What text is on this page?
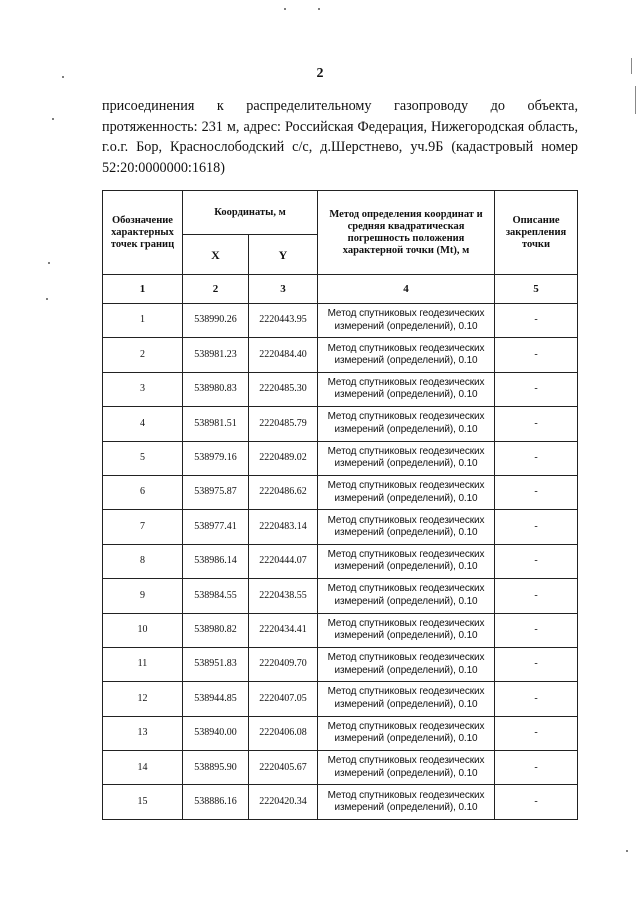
2
присоединения к распределительному газопроводу до объекта, протяженность: 231 м, адрес: Российская Федерация, Нижегородская область, г.о.г. Бор, Краснослободский с/с, д.Шерстнево, уч.9Б (кадастровый номер 52:20:0000000:1618)
Обозначение характерных точек границ	Координаты, м		Метод определения координат и средняя квадратическая погрешность положения характерной точки (Mt), м	Описание закрепления точки
	X	Y		
1	2	3	4	5
1	538990.26	2220443.95	Метод спутниковых геодезических измерений (определений), 0.10	-
2	538981.23	2220484.40	Метод спутниковых геодезических измерений (определений), 0.10	-
3	538980.83	2220485.30	Метод спутниковых геодезических измерений (определений), 0.10	-
4	538981.51	2220485.79	Метод спутниковых геодезических измерений (определений), 0.10	-
5	538979.16	2220489.02	Метод спутниковых геодезических измерений (определений), 0.10	-
6	538975.87	2220486.62	Метод спутниковых геодезических измерений (определений), 0.10	-
7	538977.41	2220483.14	Метод спутниковых геодезических измерений (определений), 0.10	-
8	538986.14	2220444.07	Метод спутниковых геодезических измерений (определений), 0.10	-
9	538984.55	2220438.55	Метод спутниковых геодезических измерений (определений), 0.10	-
10	538980.82	2220434.41	Метод спутниковых геодезических измерений (определений), 0.10	-
11	538951.83	2220409.70	Метод спутниковых геодезических измерений (определений), 0.10	-
12	538944.85	2220407.05	Метод спутниковых геодезических измерений (определений), 0.10	-
13	538940.00	2220406.08	Метод спутниковых геодезических измерений (определений), 0.10	-
14	538895.90	2220405.67	Метод спутниковых геодезических измерений (определений), 0.10	-
15	538886.16	2220420.34	Метод спутниковых геодезических измерений (определений), 0.10	-
